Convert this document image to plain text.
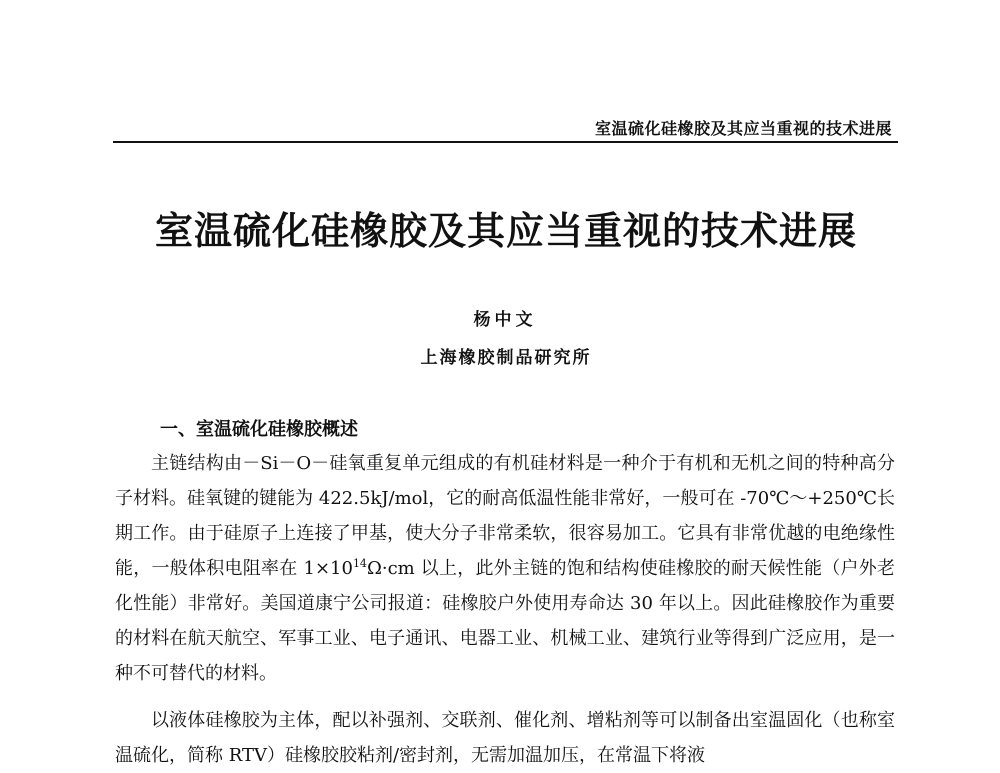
室温硫化硅橡胶及其应当重视的技术进展
室温硫化硅橡胶及其应当重视的技术进展
杨中文
上海橡胶制品研究所
一、室温硫化硅橡胶概述

主链结构由－Si－O－硅氧重复单元组成的有机硅材料是一种介于有机和无机之间的特种高分子材料。硅氧键的键能为 422.5kJ/mol，它的耐高低温性能非常好，一般可在 -70℃～+250℃长期工作。由于硅原子上连接了甲基，使大分子非常柔软，很容易加工。它具有非常优越的电绝缘性能，一般体积电阻率在 $1\times 10^{14}\Omega\cdot cm$ 以上，此外主链的饱和结构使硅橡胶的耐天候性能（户外老化性能）非常好。美国道康宁公司报道：硅橡胶户外使用寿命达 30 年以上。因此硅橡胶作为重要的材料在航天航空、军事工业、电子通讯、电器工业、机械工业、建筑行业等得到广泛应用，是一种不可替代的材料。

以液体硅橡胶为主体，配以补强剂、交联剂、催化剂、增粘剂等可以制备出室温固化（也称室温硫化，简称 RTV）硅橡胶胶粘剂/密封剂，无需加温加压，在常温下将液
